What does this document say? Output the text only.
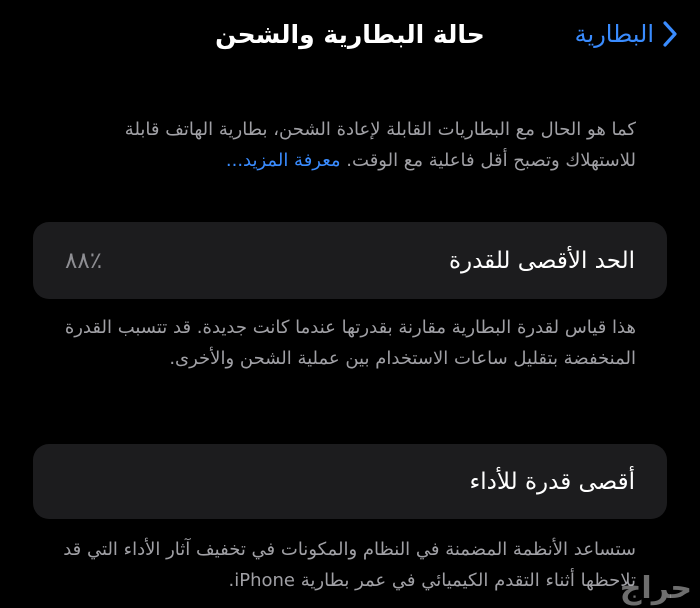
البطارية
حالة البطارية والشحن
كما هو الحال مع البطاريات القابلة لإعادة الشحن، بطارية الهاتف قابلة للاستهلاك وتصبح أقل فاعلية مع الوقت. معرفة المزيد...
الحد الأقصى للقدرة
٪٨٨
هذا قياس لقدرة البطارية مقارنة بقدرتها عندما كانت جديدة. قد تتسبب القدرة المنخفضة بتقليل ساعات الاستخدام بين عملية الشحن والأخرى.
أقصى قدرة للأداء
ستساعد الأنظمة المضمنة في النظام والمكونات في تخفيف آثار الأداء التي قد تلاحظها أثناء التقدم الكيميائي في عمر بطارية iPhone.
حراج
